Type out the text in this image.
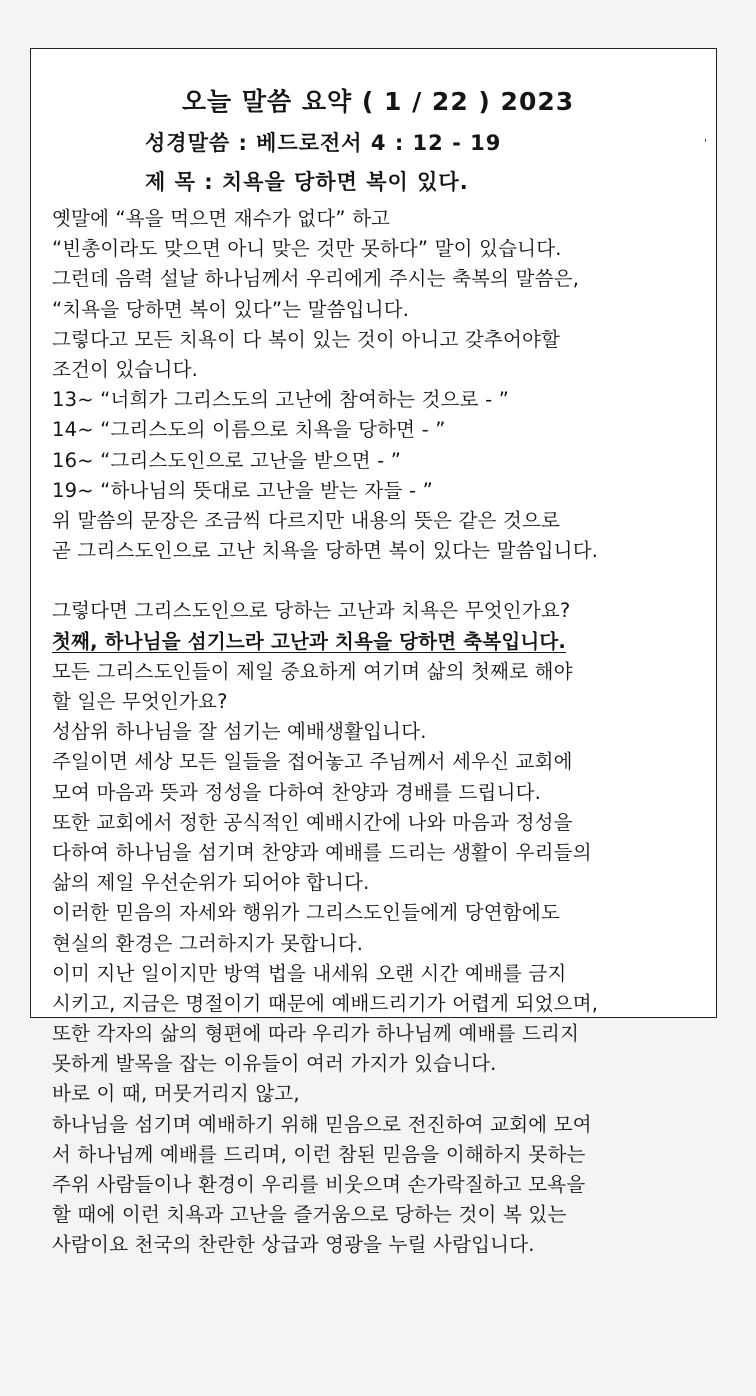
오늘 말씀 요약 ( 1 / 22 ) 2023
성경말씀 : 베드로전서 4 : 12 - 19
제 목 : 치욕을 당하면 복이 있다.
'
옛말에 “욕을 먹으면 재수가 없다” 하고
“빈총이라도 맞으면 아니 맞은 것만 못하다” 말이 있습니다.
그런데 음력 설날 하나님께서 우리에게 주시는 축복의 말씀은,
“치욕을 당하면 복이 있다”는 말씀입니다.
그렇다고 모든 치욕이 다 복이 있는 것이 아니고 갖추어야할
조건이 있습니다.
13~ “너희가 그리스도의 고난에 참여하는 것으로 - ”
14~ “그리스도의 이름으로 치욕을 당하면 - ”
16~ “그리스도인으로 고난을 받으면 - ”
19~ “하나님의 뜻대로 고난을 받는 자들 - ”
위 말씀의 문장은 조금씩 다르지만 내용의 뜻은 같은 것으로
곧 그리스도인으로 고난 치욕을 당하면 복이 있다는 말씀입니다.
그렇다면 그리스도인으로 당하는 고난과 치욕은 무엇인가요?
첫째, 하나님을 섬기느라 고난과 치욕을 당하면 축복입니다.
모든 그리스도인들이 제일 중요하게 여기며 삶의 첫째로 해야
할 일은 무엇인가요?
성삼위 하나님을 잘 섬기는 예배생활입니다.
주일이면 세상 모든 일들을 접어놓고 주님께서 세우신 교회에
모여 마음과 뜻과 정성을 다하여 찬양과 경배를 드립니다.
또한 교회에서 정한 공식적인 예배시간에 나와 마음과 정성을
다하여 하나님을 섬기며 찬양과 예배를 드리는 생활이 우리들의
삶의 제일 우선순위가 되어야 합니다.
이러한 믿음의 자세와 행위가 그리스도인들에게 당연함에도
현실의 환경은 그러하지가 못합니다.
이미 지난 일이지만 방역 법을 내세워 오랜 시간 예배를 금지
시키고, 지금은 명절이기 때문에 예배드리기가 어렵게 되었으며,
또한 각자의 삶의 형편에 따라 우리가 하나님께 예배를 드리지
못하게 발목을 잡는 이유들이 여러 가지가 있습니다.
바로 이 때, 머뭇거리지 않고,
하나님을 섬기며 예배하기 위해 믿음으로 전진하여 교회에 모여
서 하나님께 예배를 드리며, 이런 참된 믿음을 이해하지 못하는
주위 사람들이나 환경이 우리를 비웃으며 손가락질하고 모욕을
할 때에 이런 치욕과 고난을 즐거움으로 당하는 것이 복 있는
사람이요 천국의 찬란한 상급과 영광을 누릴 사람입니다.
